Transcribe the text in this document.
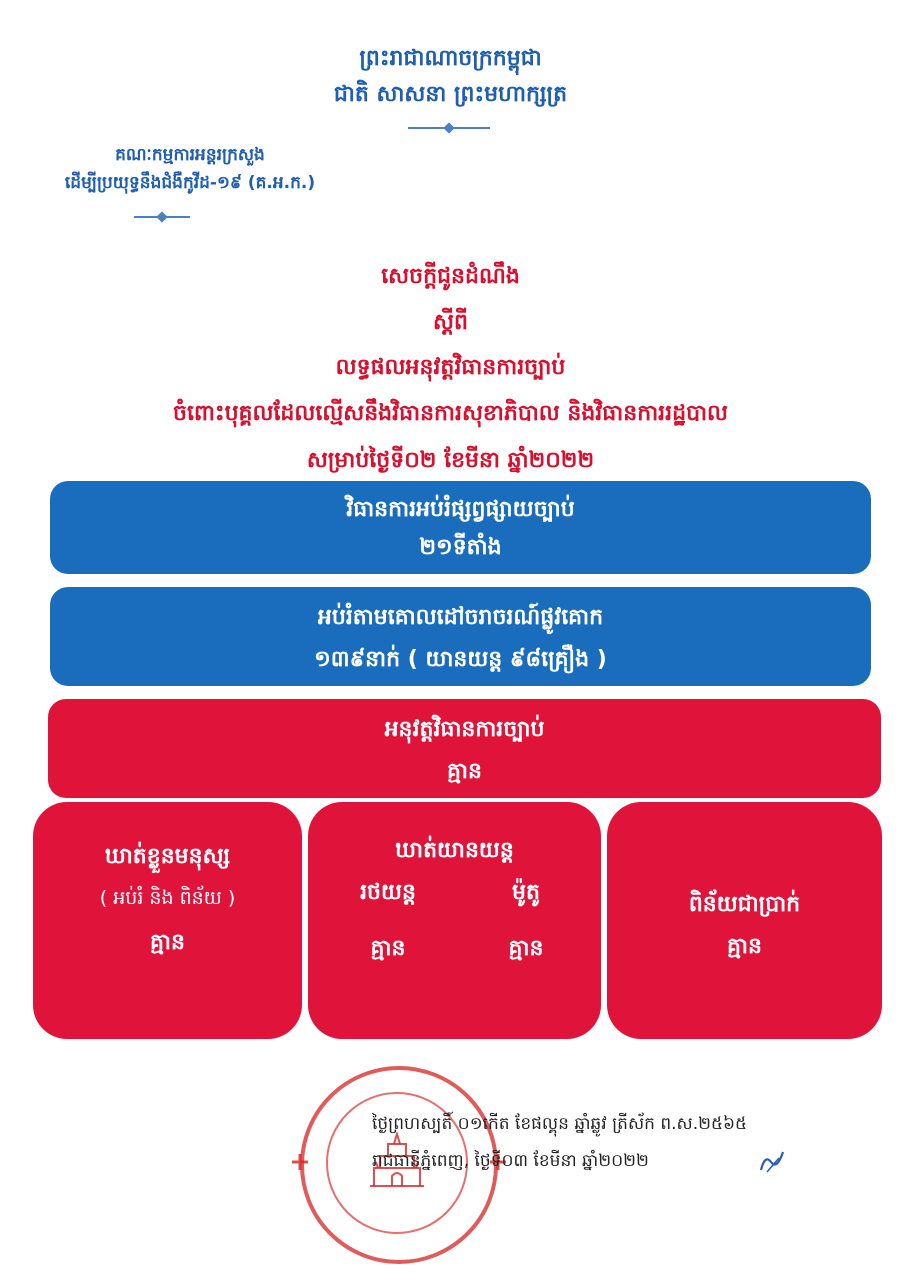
ព្រះរាជាណាចក្រកម្ពុជា
ជាតិ សាសនា ព្រះមហាក្សត្រ
គណៈកម្មការអន្តរក្រសួង
ដើម្បីប្រយុទ្ធនឹងជំងឺកូវីដ-១៩ (គ.អ.ក.)
សេចក្តីជូនដំណឹង
ស្តីពី
លទ្ធផលអនុវត្តវិធានការច្បាប់
ចំពោះបុគ្គលដែលល្មើសនឹងវិធានការសុខាភិបាល និងវិធានការរដ្ឋបាល
សម្រាប់ថ្ងៃទី០២ ខែមីនា ឆ្នាំ២០២២
វិធានការអប់រំផ្សព្វផ្សាយច្បាប់
២១ទីតាំង
អប់រំតាមគោលដៅចរាចរណ៍ផ្លូវគោក
១៣៩នាក់ ( យានយន្ត ៩៨គ្រឿង )
អនុវត្តវិធានការច្បាប់
គ្មាន
ឃាត់ខ្លួនមនុស្ស
( អប់រំ និង ពិន័យ )
គ្មាន
ឃាត់យានយន្ត
រថយន្ត	ម៉ូតូ
គ្មាន	គ្មាន
ពិន័យជាប្រាក់
គ្មាន
ថ្ងៃព្រហស្បតិ៍ ០១កើត ខែផល្គុន ឆ្នាំឆ្លូវ ត្រីស័ក ព.ស.២៥៦៥
រាជធានីភ្នំពេញ, ថ្ងៃទី០៣ ខែមីនា ឆ្នាំ២០២២
